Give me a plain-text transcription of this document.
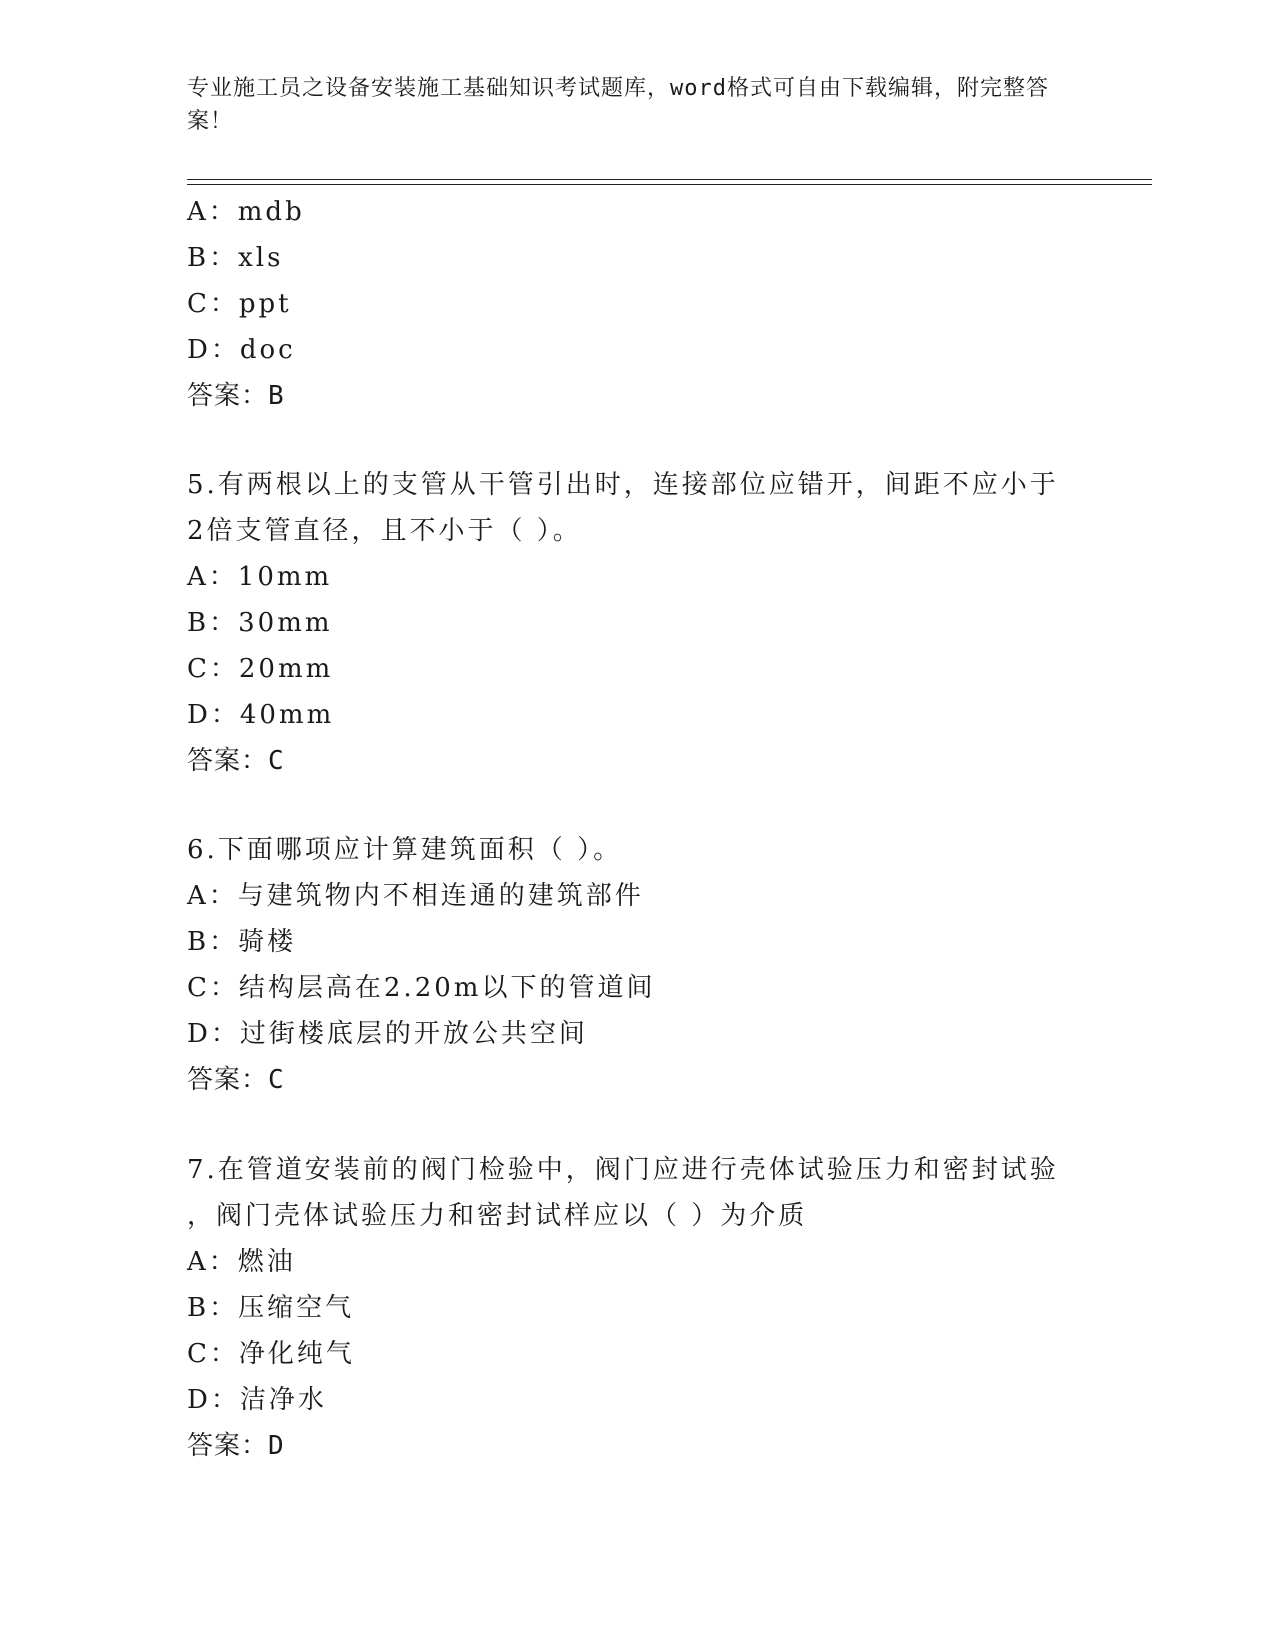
专业施工员之设备安装施工基础知识考试题库，word格式可自由下载编辑，附完整答案！
A：mdb
B：xls
C：ppt
D：doc
答案：B
5.有两根以上的支管从干管引出时，连接部位应错开，间距不应小于
2倍支管直径，且不小于（ ）。
A：10mm
B：30mm
C：20mm
D：40mm
答案：C
6.下面哪项应计算建筑面积（ ）。
A：与建筑物内不相连通的建筑部件
B：骑楼
C：结构层高在2.20m以下的管道间
D：过街楼底层的开放公共空间
答案：C
7.在管道安装前的阀门检验中，阀门应进行壳体试验压力和密封试验
，阀门壳体试验压力和密封试样应以（ ）为介质
A：燃油
B：压缩空气
C：净化纯气
D：洁净水
答案：D
